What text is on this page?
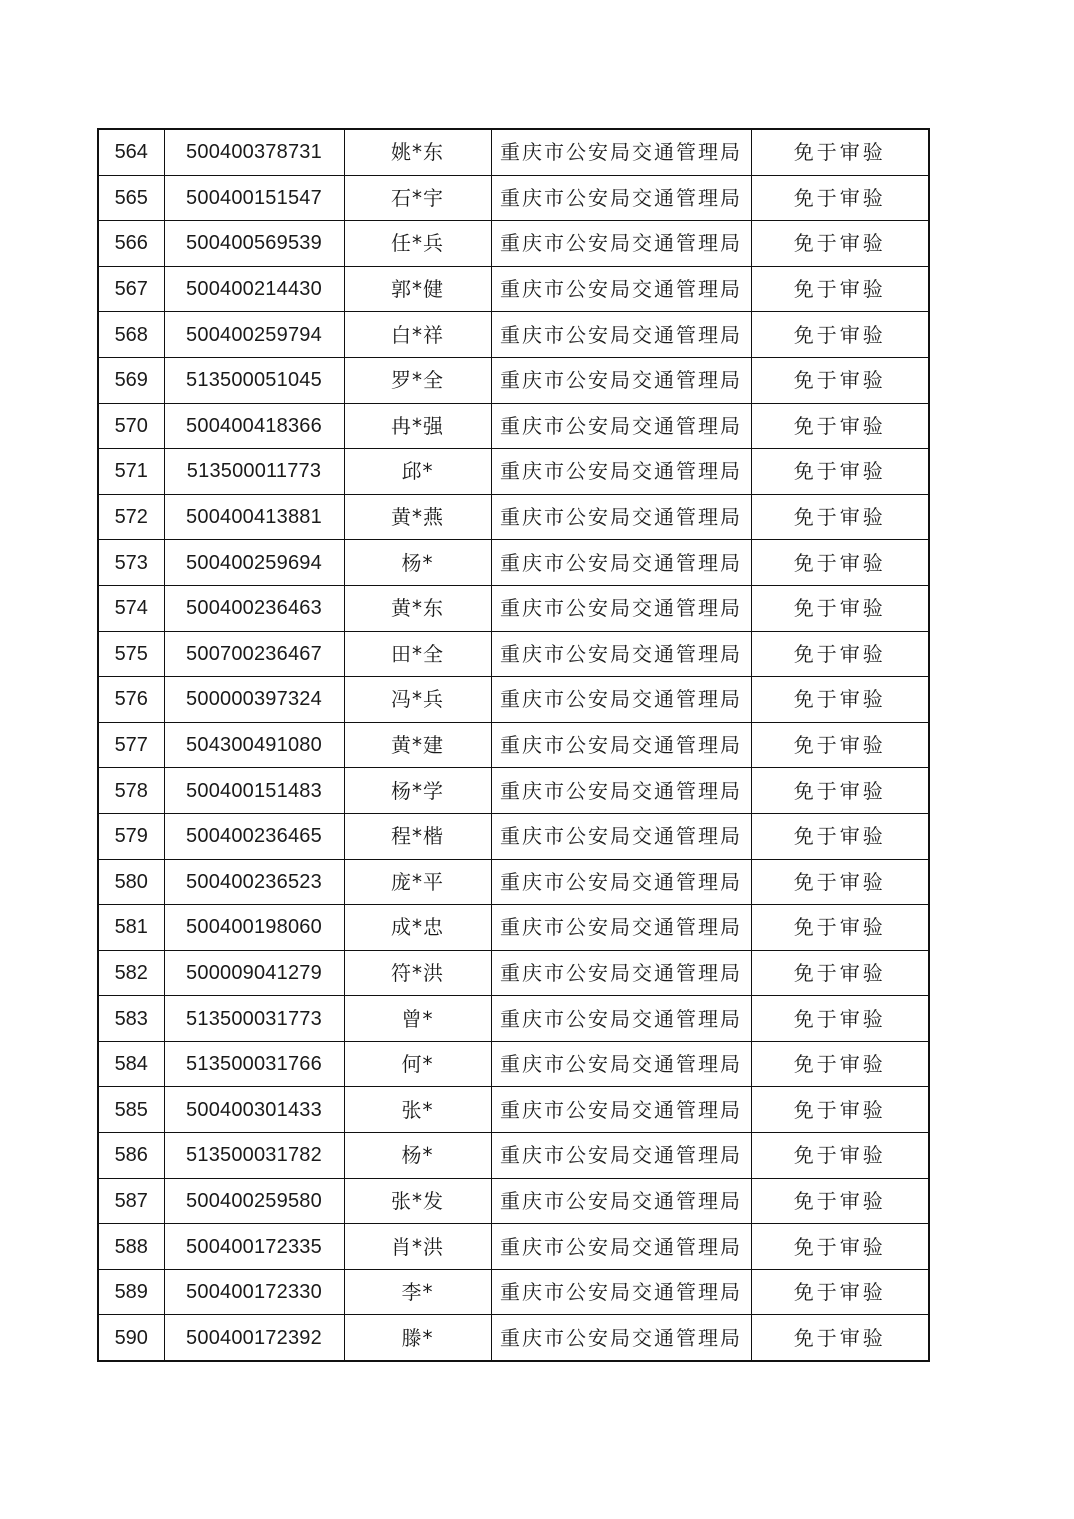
564	500400378731	姚*东	重庆市公安局交通管理局	免于审验
565	500400151547	石*宇	重庆市公安局交通管理局	免于审验
566	500400569539	任*兵	重庆市公安局交通管理局	免于审验
567	500400214430	郭*健	重庆市公安局交通管理局	免于审验
568	500400259794	白*祥	重庆市公安局交通管理局	免于审验
569	513500051045	罗*全	重庆市公安局交通管理局	免于审验
570	500400418366	冉*强	重庆市公安局交通管理局	免于审验
571	513500011773	邱*	重庆市公安局交通管理局	免于审验
572	500400413881	黄*燕	重庆市公安局交通管理局	免于审验
573	500400259694	杨*	重庆市公安局交通管理局	免于审验
574	500400236463	黄*东	重庆市公安局交通管理局	免于审验
575	500700236467	田*全	重庆市公安局交通管理局	免于审验
576	500000397324	冯*兵	重庆市公安局交通管理局	免于审验
577	504300491080	黄*建	重庆市公安局交通管理局	免于审验
578	500400151483	杨*学	重庆市公安局交通管理局	免于审验
579	500400236465	程*楷	重庆市公安局交通管理局	免于审验
580	500400236523	庞*平	重庆市公安局交通管理局	免于审验
581	500400198060	成*忠	重庆市公安局交通管理局	免于审验
582	500009041279	符*洪	重庆市公安局交通管理局	免于审验
583	513500031773	曾*	重庆市公安局交通管理局	免于审验
584	513500031766	何*	重庆市公安局交通管理局	免于审验
585	500400301433	张*	重庆市公安局交通管理局	免于审验
586	513500031782	杨*	重庆市公安局交通管理局	免于审验
587	500400259580	张*发	重庆市公安局交通管理局	免于审验
588	500400172335	肖*洪	重庆市公安局交通管理局	免于审验
589	500400172330	李*	重庆市公安局交通管理局	免于审验
590	500400172392	滕*	重庆市公安局交通管理局	免于审验
